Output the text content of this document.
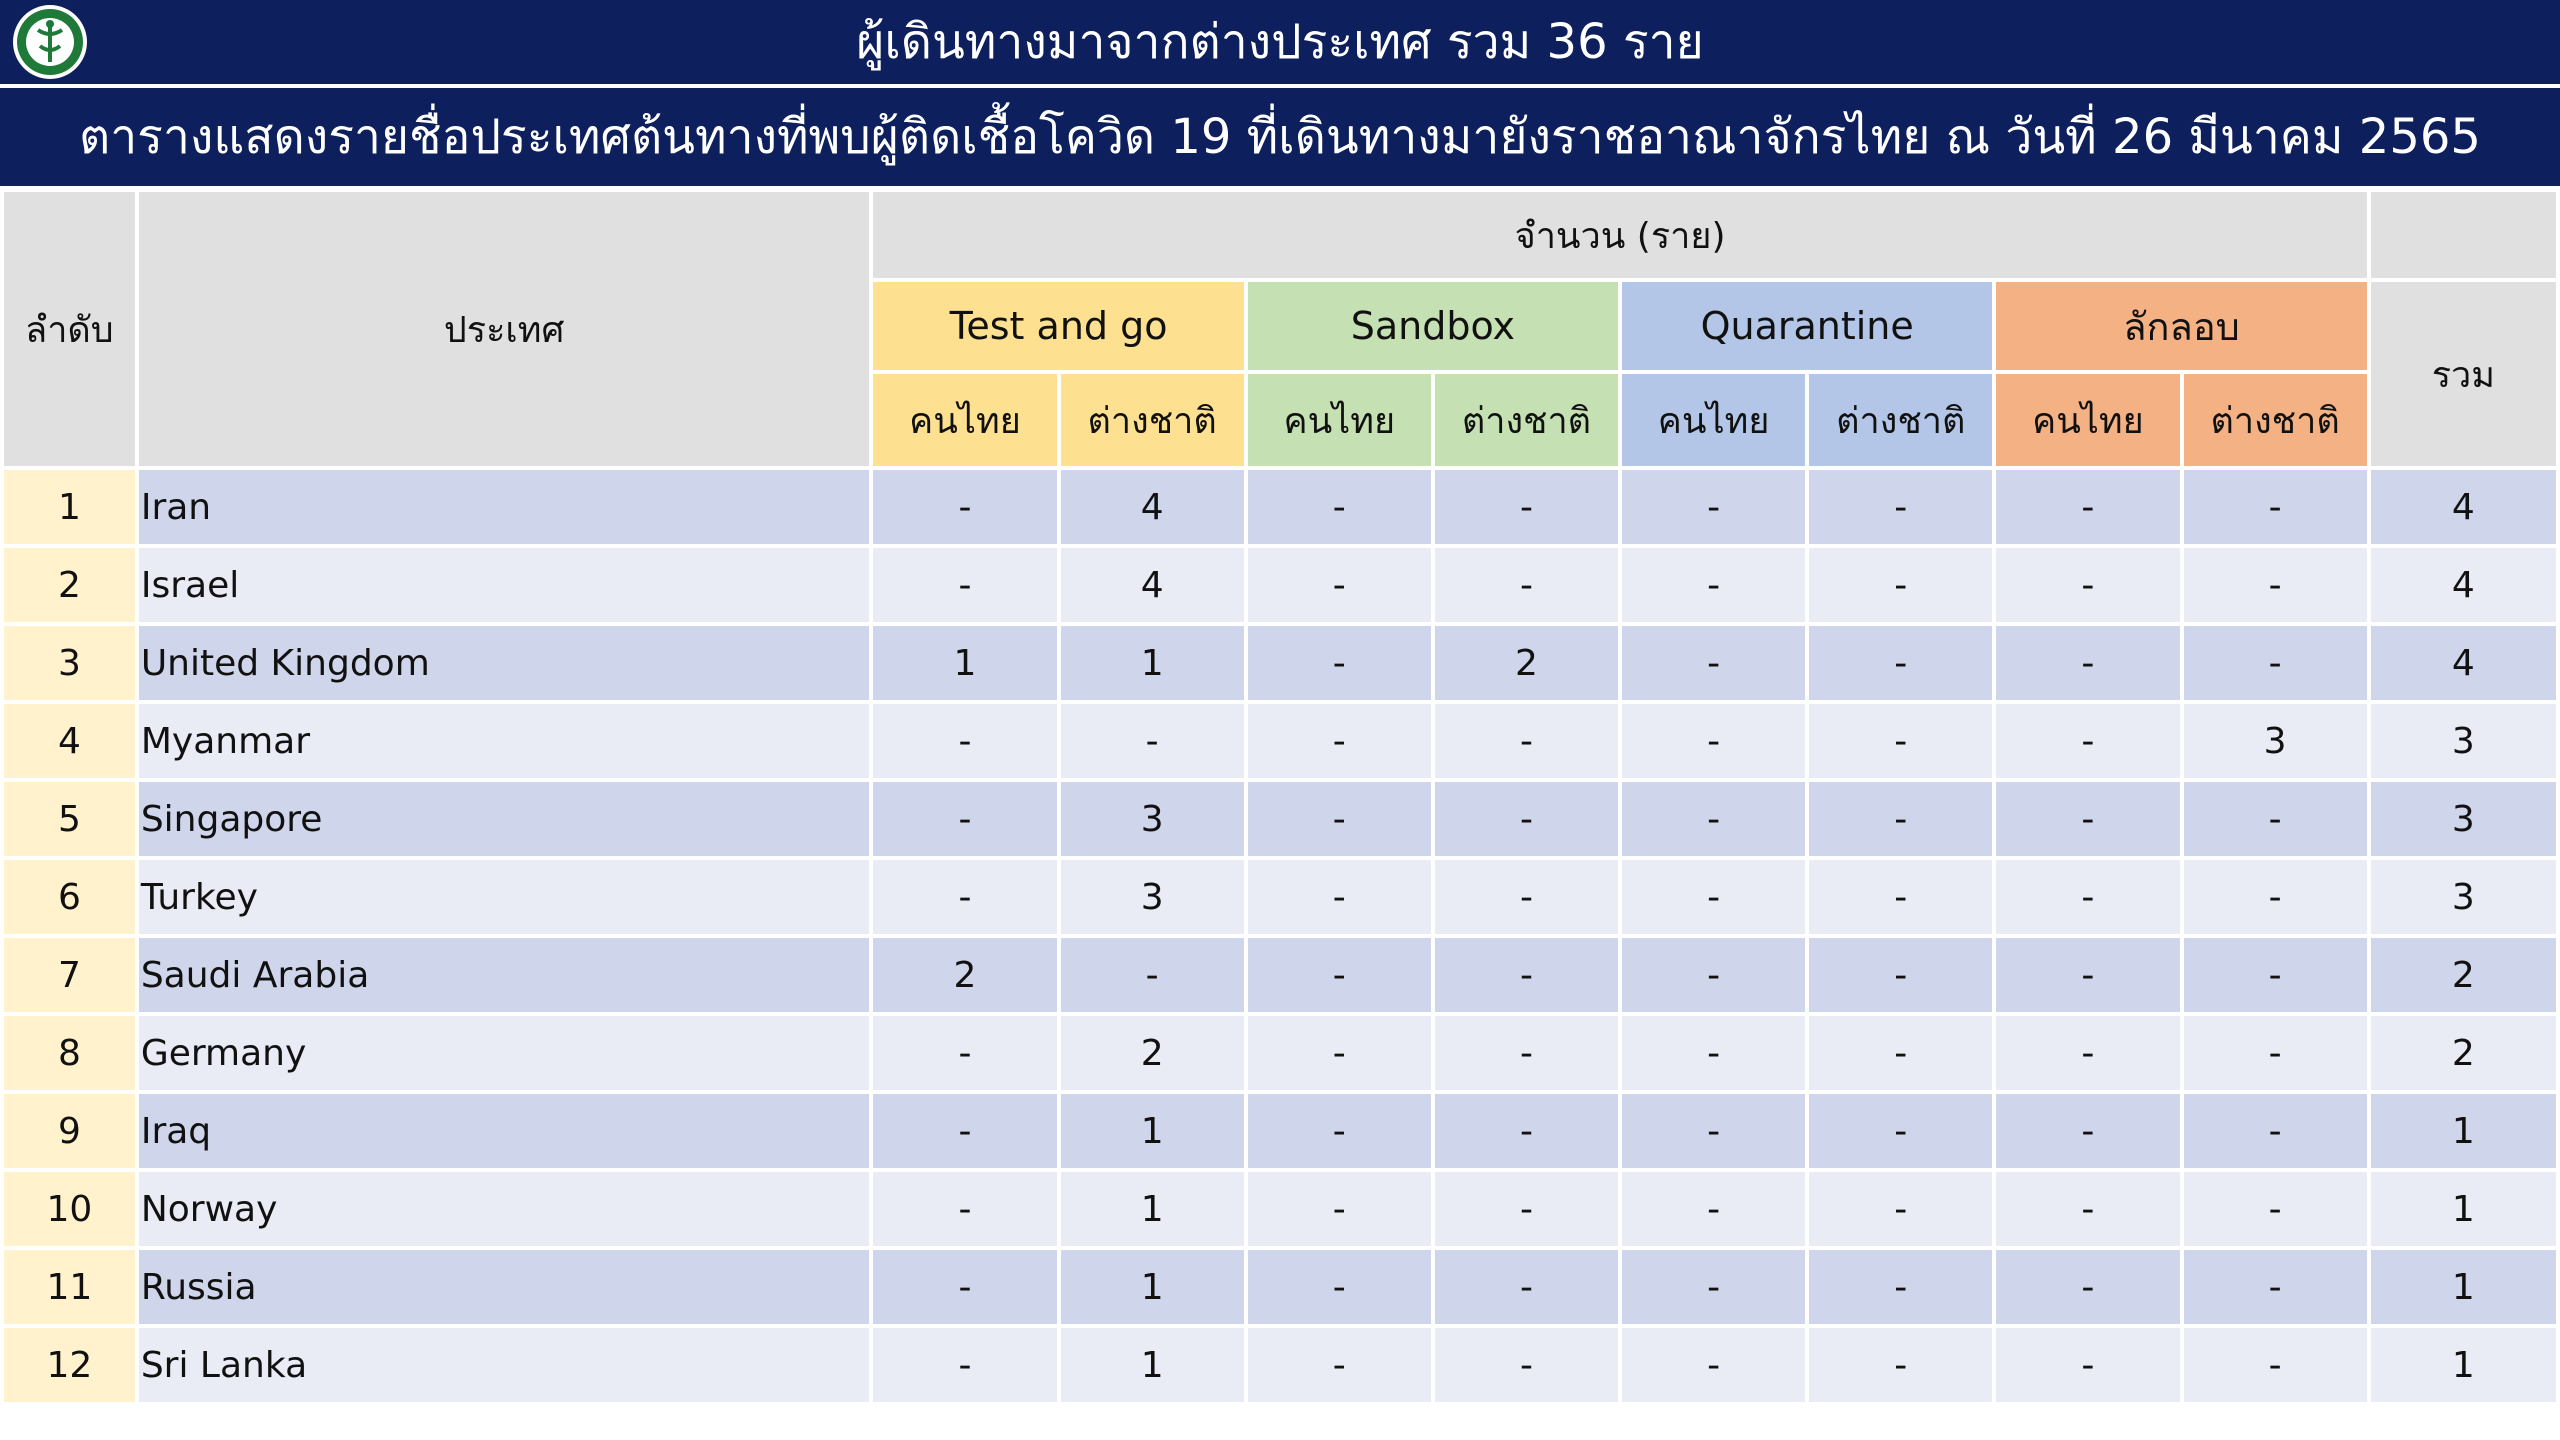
ผู้เดินทางมาจากต่างประเทศ รวม 36 ราย
ตารางแสดงรายชื่อประเทศต้นทางที่พบผู้ติดเชื้อโควิด 19 ที่เดินทางมายังราชอาณาจักรไทย ณ วันที่ 26 มีนาคม 2565
ลำดับ	ประเทศ	จำนวน (ราย)								
		Test and go		Sandbox		Quarantine		ลักลอบ		รวม
		คนไทย	ต่างชาติ	คนไทย	ต่างชาติ	คนไทย	ต่างชาติ	คนไทย	ต่างชาติ	
1	Iran	-	4	-	-	-	-	-	-	4
2	Israel	-	4	-	-	-	-	-	-	4
3	United Kingdom	1	1	-	2	-	-	-	-	4
4	Myanmar	-	-	-	-	-	-	-	3	3
5	Singapore	-	3	-	-	-	-	-	-	3
6	Turkey	-	3	-	-	-	-	-	-	3
7	Saudi Arabia	2	-	-	-	-	-	-	-	2
8	Germany	-	2	-	-	-	-	-	-	2
9	Iraq	-	1	-	-	-	-	-	-	1
10	Norway	-	1	-	-	-	-	-	-	1
11	Russia	-	1	-	-	-	-	-	-	1
12	Sri Lanka	-	1	-	-	-	-	-	-	1
